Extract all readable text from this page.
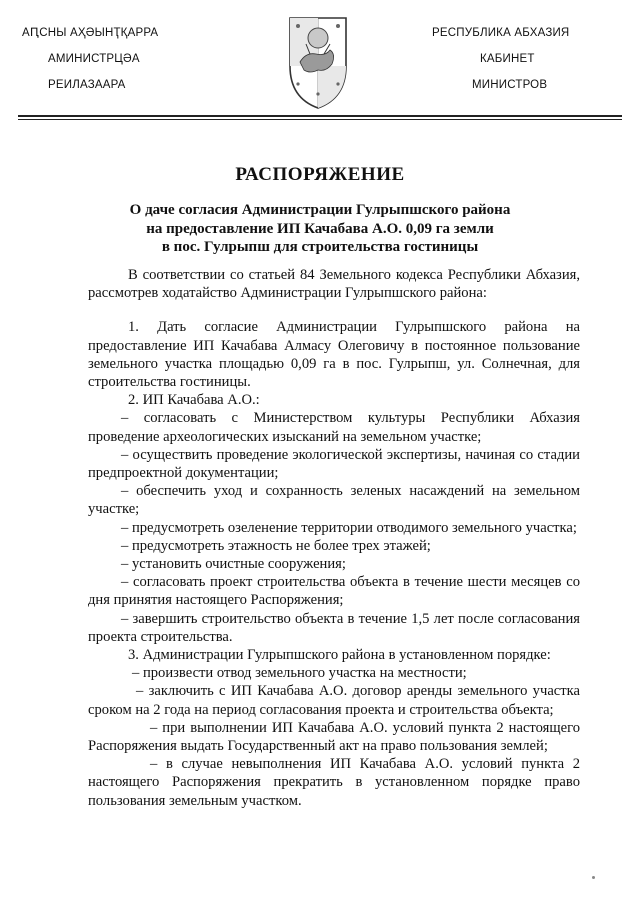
АԤСНЫ АҲӘЫНҬҚАРРА
АМИНИСТРЦӘА
РЕИЛАЗААРА
РЕСПУБЛИКА АБХАЗИЯ
КАБИНЕТ
МИНИСТРОВ
РАСПОРЯЖЕНИЕ
О даче согласия Администрации Гулрыпшского района
на предоставление ИП Качабава А.О. 0,09 га земли
в пос. Гулрыпш для строительства гостиницы

В соответствии со статьей 84 Земельного кодекса Республики Абхазия, рассмотрев ходатайство Администрации Гулрыпшского района:

1. Дать согласие Администрации Гулрыпшского района на предоставление ИП Качабава Алмасу Олеговичу в постоянное пользование земельного участка площадью 0,09 га в пос. Гулрыпш, ул. Солнечная, для строительства гостиницы.

2. ИП Качабава А.О.:

– согласовать с Министерством культуры Республики Абхазия проведение археологических изысканий на земельном участке;

– осуществить проведение экологической экспертизы, начиная со стадии предпроектной документации;

– обеспечить уход и сохранность зеленых насаждений на земельном участке;

– предусмотреть озеленение территории отводимого земельного участка;

– предусмотреть этажность не более трех этажей;

– установить очистные сооружения;

– согласовать проект строительства объекта в течение шести месяцев со дня принятия настоящего Распоряжения;

– завершить строительство объекта в течение 1,5 лет после согласования проекта строительства.

3. Администрации Гулрыпшского района в установленном порядке:

– произвести отвод земельного участка на местности;

– заключить с ИП Качабава А.О. договор аренды земельного участка сроком на 2 года на период согласования проекта и строительства объекта;

– при выполнении ИП Качабава А.О. условий пункта 2 настоящего Распоряжения выдать Государственный акт на право пользования землей;

– в случае невыполнения ИП Качабава А.О. условий пункта 2 настоящего Распоряжения прекратить в установленном порядке право пользования земельным участком.
